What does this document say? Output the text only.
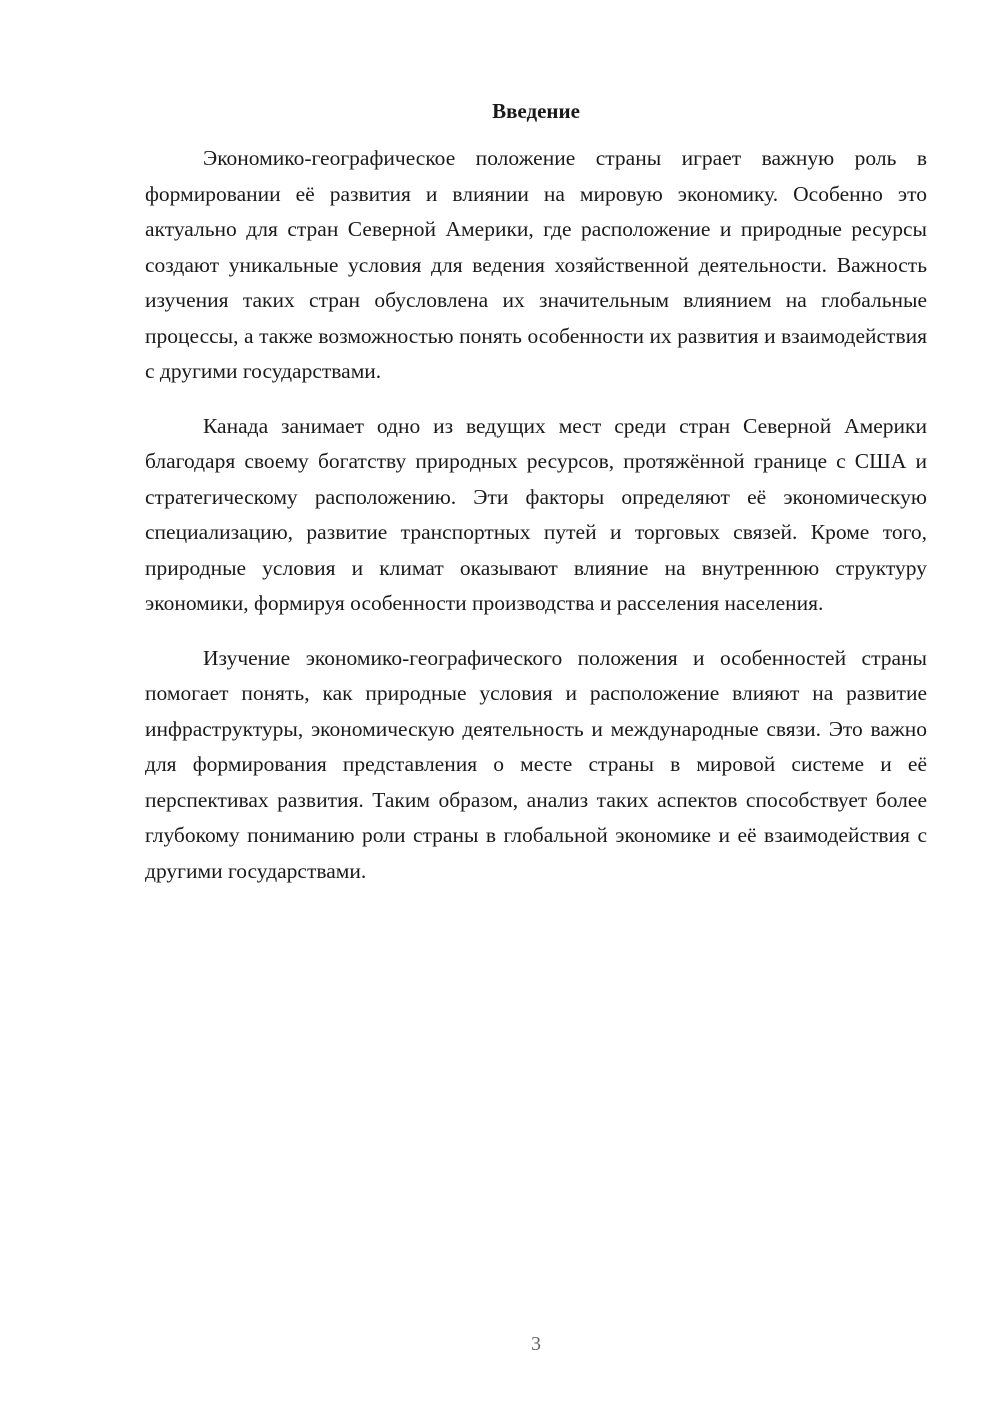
Введение

Экономико-географическое положение страны играет важную роль в формировании её развития и влиянии на мировую экономику. Особенно это актуально для стран Северной Америки, где расположение и природные ресурсы создают уникальные условия для ведения хозяйственной деятельности. Важность изучения таких стран обусловлена их значительным влиянием на глобальные процессы, а также возможностью понять особенности их развития и взаимодействия с другими государствами.

Канада занимает одно из ведущих мест среди стран Северной Америки благодаря своему богатству природных ресурсов, протяжённой границе с США и стратегическому расположению. Эти факторы определяют её экономическую специализацию, развитие транспортных путей и торговых связей. Кроме того, природные условия и климат оказывают влияние на внутреннюю структуру экономики, формируя особенности производства и расселения населения.

Изучение экономико-географического положения и особенностей страны помогает понять, как природные условия и расположение влияют на развитие инфраструктуры, экономическую деятельность и международные связи. Это важно для формирования представления о месте страны в мировой системе и её перспективах развития. Таким образом, анализ таких аспектов способствует более глубокому пониманию роли страны в глобальной экономике и её взаимодействия с другими государствами.

3
